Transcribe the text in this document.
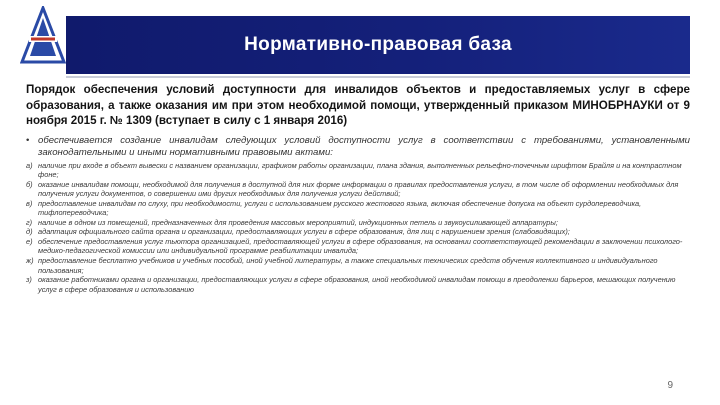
Нормативно-правовая база

Порядок обеспечения условий доступности для инвалидов объектов и предоставляемых услуг в сфере образования, а также оказания им при этом необходимой помощи, утвержденный приказом МИНОБРНАУКИ от 9 ноября 2015 г. № 1309 (вступает в силу с 1 января 2016)

• обеспечивается создание инвалидам следующих условий доступности услуг в соответствии с требованиями, установленными законодательными и иными нормативными правовыми актами:

а) наличие при входе в объект вывески с названием организации, графиком работы организации, плана здания, выполненных рельефно-точечным шрифтом Брайля и на контрастном фоне;
б) оказание инвалидам помощи, необходимой для получения в доступной для них форме информации о правилах предоставления услуги, в том числе об оформлении необходимых для получения услуги документов, о совершении ими других необходимых для получения услуги действий;
в) предоставление инвалидам по слуху, при необходимости, услуги с использованием русского жестового языка, включая обеспечение допуска на объект сурдопереводчика, тифлопереводчика;
г) наличие в одном из помещений, предназначенных для проведения массовых мероприятий, индукционных петель и звукоусиливающей аппаратуры;
д) адаптация официального сайта органа и организации, предоставляющих услуги в сфере образования, для лиц с нарушением зрения (слабовидящих);
е) обеспечение предоставления услуг тьютора организацией, предоставляющей услуги в сфере образования, на основании соответствующей рекомендации в заключении психолого-медико-педагогической комиссии или индивидуальной программе реабилитации инвалида;
ж) предоставление бесплатно учебников и учебных пособий, иной учебной литературы, а также специальных технических средств обучения коллективного и индивидуального пользования;
з) оказание работниками органа и организации, предоставляющих услуги в сфере образования, иной необходимой инвалидам помощи в преодолении барьеров, мешающих получению услуг в сфере образования и использованию
9
